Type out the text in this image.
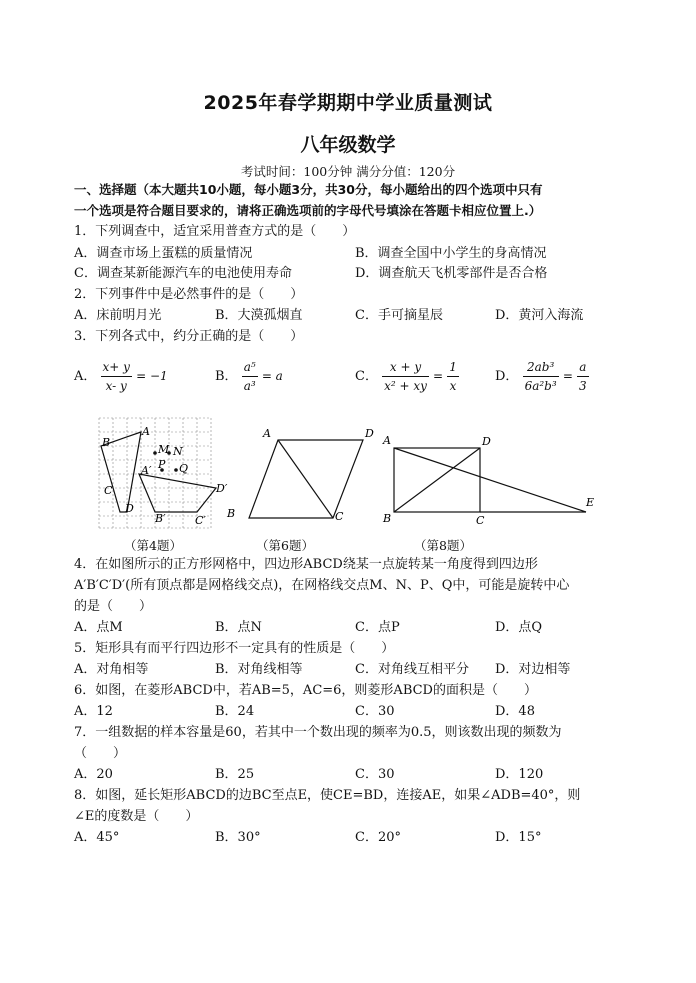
2025年春学期期中学业质量测试
八年级数学
考试时间：100分钟 满分分值：120分
一、选择题（本大题共10小题，每小题3分，共30分，每小题给出的四个选项中只有
一个选项是符合题目要求的，请将正确选项前的字母代号填涂在答题卡相应位置上.）
1．下列调查中，适宜采用普查方式的是（　　）
A．调查市场上蛋糕的质量情况	B．调查全国中小学生的身高情况
C．调查某新能源汽车的电池使用寿命	D．调查航天飞机零部件是否合格
2．下列事件中是必然事件的是（　　）
A．床前明月光	B．大漠孤烟直	C．手可摘星辰	D．黄河入海流
3．下列各式中，约分正确的是（　　）
A． $\frac{x+ y}{x- y} = -1$	B． $\frac{\text{a⁵}}{\text{a³}} = a$	C． $\frac{x + y}{\text{x² + xy}} = \frac{1}{x}$	D． $\frac{\text{2ab³}}{\text{6a²b³}} = \frac{a}{3}$
A
B
C
D
A′
B′	C′
D′
M N
P Q
（第4题）
A	D
B	C
（第6题）
A	D
B	C
E
（第8题）
4．在如图所示的正方形网格中，四边形ABCD绕某一点旋转某一角度得到四边形
A′B′C′D′(所有顶点都是网格线交点)，在网格线交点M、N、P、Q中，可能是旋转中心
的是（　　）
A．点M	B．点N	C．点P	D．点Q
5．矩形具有而平行四边形不一定具有的性质是（　　）
A．对角相等	B．对角线相等	C．对角线互相平分 D．对边相等
6．如图，在菱形ABCD中，若AB=5，AC=6，则菱形ABCD的面积是（　　）
A．12	B．24	C．30	D．48
7．一组数据的样本容量是60，若其中一个数出现的频率为0.5，则该数出现的频数为
（　　）
A．20	B．25	C．30	D．120
8．如图，延长矩形ABCD的边BC至点E，使CE=BD，连接AE，如果∠ADB=40°，则
∠E的度数是（　　）
A．45°	B．30°	C．20°	D．15°
